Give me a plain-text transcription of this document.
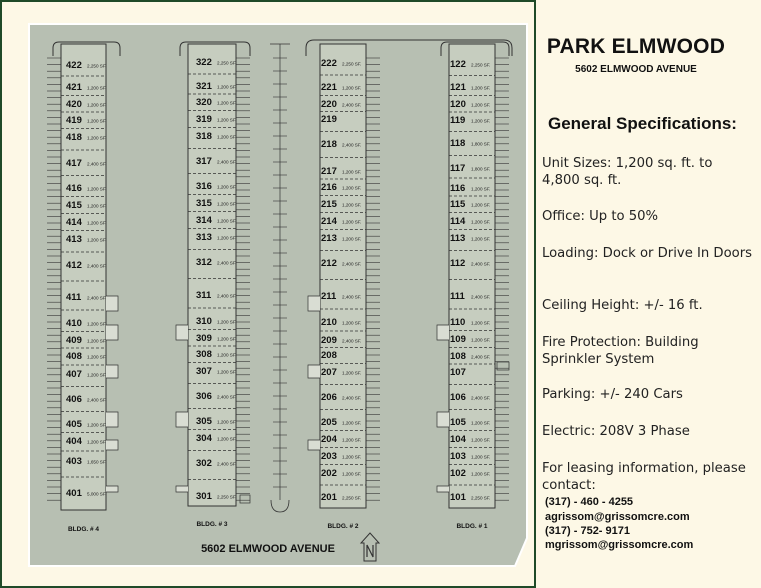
422 2,250 SF.
421 1,200 SF.
420 1,200 SF.
419 1,200 SF.
418 1,200 SF.
417 2,400 SF.
416 1,200 SF.
415 1,200 SF.
414 1,200 SF.
413 1,200 SF.
412 2,400 SF.
411 2,400 SF.
410 1,200 SF.
409 1,200 SF.
408 1,200 SF.
407 1,200 SF.
406 2,400 SF.
405 1,200 SF.
404 1,200 SF.
403 1,650 SF.
401 5,000 SF.
BLDG. # 4
322 2,250 SF.
321 1,200 SF.
320 1,200 SF.
319 1,200 SF.
318 1,200 SF.
317 2,400 SF.
316 1,200 SF.
315 1,200 SF.
314 1,200 SF.
313 1,200 SF.
312 2,400 SF.
311 2,400 SF.
310 1,200 SF.
309 1,200 SF.
308 1,200 SF.
307 1,200 SF.
306 2,400 SF.
305 1,200 SF.
304 1,200 SF.
302 2,400 SF.
301 2,250 SF.
BLDG. # 3
222 2,250 SF.
221 1,200 SF.
220 2,400 SF.
219
218 2,400 SF.
217 1,200 SF.
216 1,200 SF.
215 1,200 SF.
214 1,200 SF.
213 1,200 SF.
212 2,400 SF.
211 2,400 SF.
210 1,200 SF.
209 2,400 SF.
208
207 1,200 SF.
206 2,400 SF.
205 1,200 SF.
204 1,200 SF.
203 1,200 SF.
202 1,200 SF.
201 2,250 SF.
BLDG. # 2
122 2,250 SF.
121 1,200 SF.
120 1,200 SF.
119 1,200 SF.
118 1,800 SF.
117 1,800 SF.
116 1,200 SF.
115 1,200 SF.
114 1,200 SF.
113 1,200 SF.
112 2,400 SF.
111 2,400 SF.
110 1,200 SF.
109 1,200 SF.
108 2,400 SF.
107
106 2,400 SF.
105 1,200 SF.
104 1,200 SF.
103 1,200 SF.
102 1,200 SF.
101 2,250 SF.
BLDG. # 1
5602 ELMWOOD AVENUE
PARK ELMWOOD
5602 ELMWOOD AVENUE
General Specifications:
Unit Sizes: 1,200 sq. ft. to 4,800 sq. ft.
Office: Up to 50%
Loading: Dock or Drive In Doors
Ceiling Height: +/- 16 ft.
Fire Protection: Building Sprinkler System
Parking: +/- 240 Cars
Electric: 208V 3 Phase
For leasing information, please contact:
(317) - 460 - 4255
agrissom@grissomcre.com
(317) - 752- 9171
mgrissom@grissomcre.com
